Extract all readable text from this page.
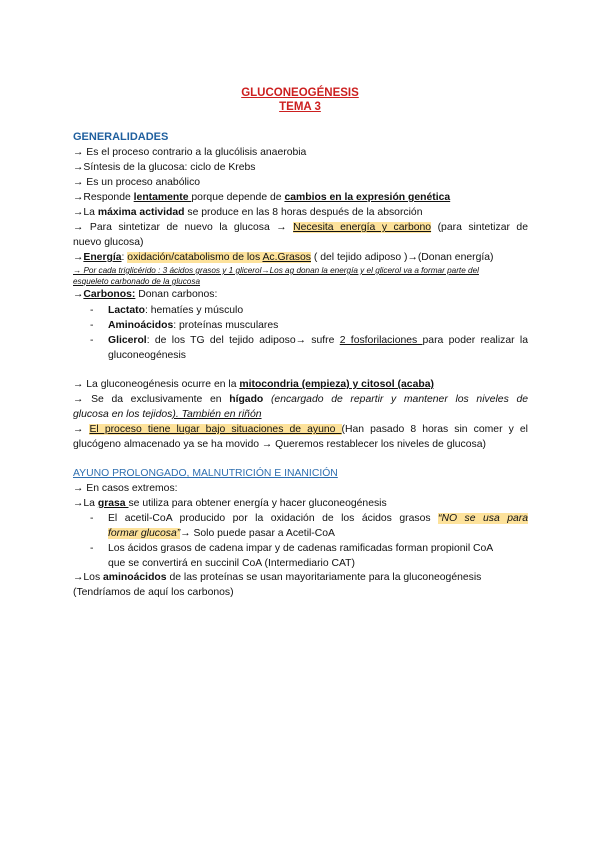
GLUCONEOGÉNESIS
TEMA 3
GENERALIDADES
→ Es el proceso contrario a la glucólisis anaerobia
→Síntesis de la glucosa: ciclo de Krebs
→ Es un proceso anabólico
→Responde lentamente porque depende de cambios en la expresión genética
→La máxima actividad se produce en las 8 horas después de la absorción
→ Para sintetizar de nuevo la glucosa → Necesita energía y carbono (para sintetizar de
nuevo glucosa)
→Energía: oxidación/catabolismo de los Ac.Grasos ( del tejido adiposo )→(Donan energía)
→ Por cada triglicérido : 3 ácidos grasos y 1 glicerol→Los ag donan la energía y el glicerol va a formar parte del
esqueleto carbonado de la glucosa
→Carbonos: Donan carbonos:
- Lactato: hematíes y músculo
- Aminoácidos: proteínas musculares
- Glicerol: de los TG del tejido adiposo→ sufre 2 fosforilaciones para poder realizar la
gluconeogénesis
→ La gluconeogénesis ocurre en la mitocondria (empieza) y citosol (acaba)
→ Se da exclusivamente en hígado (encargado de repartir y mantener los niveles de
glucosa en los tejidos). También en riñón
→ El proceso tiene lugar bajo situaciones de ayuno (Han pasado 8 horas sin comer y el
glucógeno almacenado ya se ha movido → Queremos restablecer los niveles de glucosa)
AYUNO PROLONGADO, MALNUTRICIÓN E INANICIÓN
→ En casos extremos:
→La grasa se utiliza para obtener energía y hacer gluconeogénesis
- El acetil-CoA producido por la oxidación de los ácidos grasos “NO se usa para
formar glucosa”→ Solo puede pasar a Acetil-CoA
- Los ácidos grasos de cadena impar y de cadenas ramificadas forman propionil CoA
que se convertirá en succinil CoA (Intermediario CAT)
→Los aminoácidos de las proteínas se usan mayoritariamente para la gluconeogénesis
(Tendríamos de aquí los carbonos)
